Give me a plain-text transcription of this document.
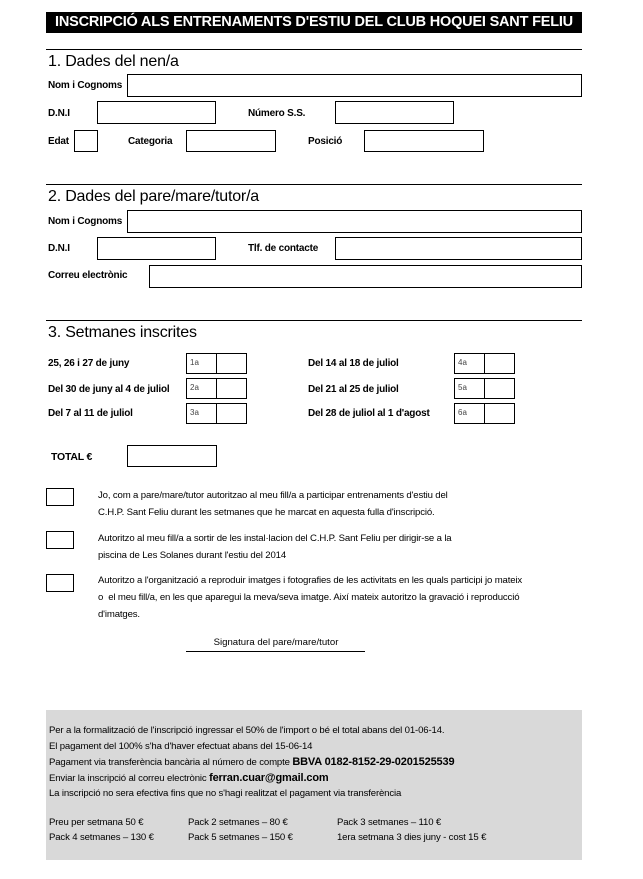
INSCRIPCIÓ ALS ENTRENAMENTS D'ESTIU DEL CLUB HOQUEI SANT FELIU
1. Dades del nen/a
Nom i Cognoms
D.N.I	Número S.S.
Edat	Categoria	Posició
2. Dades del pare/mare/tutor/a
Nom i Cognoms
D.N.I	Tlf. de contacte
Correu electrònic
3. Setmanes inscrites
25, 26 i 27 de juny	1a
Del 30 de juny al 4 de juliol	2a
Del 7 al 11 de juliol	3a
Del 14 al 18 de juliol	4a
Del 21 al 25 de juliol	5a
Del 28 de juliol al 1 d'agost	6a
TOTAL €
Jo, com a pare/mare/tutor autoritzao al meu fill/a a participar entrenaments d'estiu del
C.H.P. Sant Feliu durant les setmanes que he marcat en aquesta fulla d'inscripció.
Autoritzo al meu fill/a a sortir de les instal·lacion del C.H.P. Sant Feliu per dirigir-se a la
piscina de Les Solanes durant l'estiu del 2014
Autoritzo a l'organització a reproduir imatges i fotografies de les activitats en les quals participi jo mateix
o  el meu fill/a, en les que aparegui la meva/seva imatge. Així mateix autoritzo la gravació i reproducció
d'imatges.
Signatura del pare/mare/tutor
Per a la formalització de l'inscripció ingressar el 50% de l'import o bé el total abans del 01-06-14.
El pagament del 100% s'ha d'haver efectuat abans del 15-06-14
Pagament via transferència bancària al número de compte BBVA 0182-8152-29-0201525539
Enviar la inscripció al correu electrònic ferran.cuar@gmail.com
La inscripció no sera efectiva fins que no s'hagi realitzat el pagament via transferència
Preu per setmana 50 €	Pack 2 setmanes – 80 €	Pack 3 setmanes – 110 €
Pack 4 setmanes – 130 €	Pack 5 setmanes – 150 €	1era setmana 3 dies juny - cost 15 €
